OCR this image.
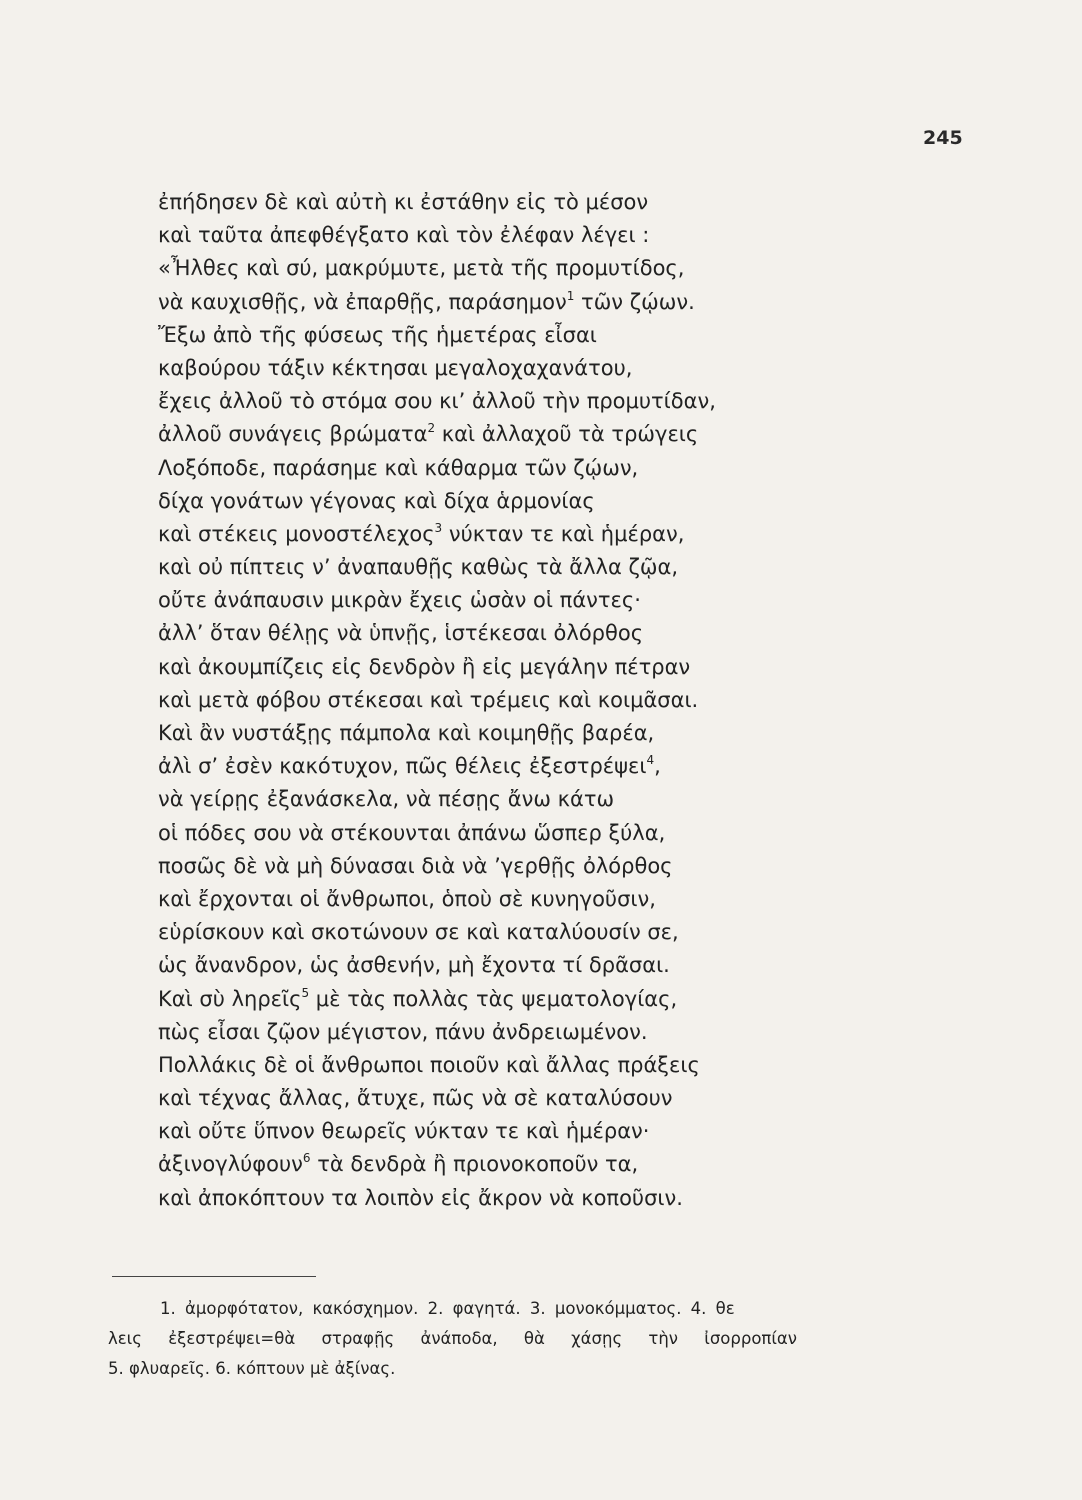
245
ἐπήδησεν δὲ καὶ αὐτὴ κι ἐστάθην εἰς τὸ μέσον
καὶ ταῦτα ἀπεφθέγξατο καὶ τὸν ἐλέφαν λέγει :
«Ἦλθες καὶ σύ, μακρύμυτε, μετὰ τῆς προμυτίδος,
νὰ καυχισθῇς, νὰ ἐπαρθῇς, παράσημον$^1$ τῶν ζῴων.
Ἔξω ἀπὸ τῆς φύσεως τῆς ἡμετέρας εἶσαι
καβούρου τάξιν κέκτησαι μεγαλοχαχανάτου,
ἔχεις ἀλλοῦ τὸ στόμα σου κι’ ἀλλοῦ τὴν προμυτίδαν,
ἀλλοῦ συνάγεις βρώματα$^2$ καὶ ἀλλαχοῦ τὰ τρώγεις
Λοξόποδε, παράσημε καὶ κάθαρμα τῶν ζῴων,
δίχα γονάτων γέγονας καὶ δίχα ἁρμονίας
καὶ στέκεις μονοστέλεχος$^3$ νύκταν τε καὶ ἡμέραν,
καὶ οὐ πίπτεις ν’ ἀναπαυθῇς καθὼς τὰ ἄλλα ζῷα,
οὔτε ἀνάπαυσιν μικρὰν ἔχεις ὡσὰν οἱ πάντες·
ἀλλ’ ὅταν θέλῃς νὰ ὑπνῇς, ἱστέκεσαι ὀλόρθος
καὶ ἀκουμπίζεις εἰς δενδρὸν ἢ εἰς μεγάλην πέτραν
καὶ μετὰ φόβου στέκεσαι καὶ τρέμεις καὶ κοιμᾶσαι.
Καὶ ἂν νυστάξῃς πάμπολα καὶ κοιμηθῇς βαρέα,
ἀλὶ σ’ ἐσὲν κακότυχον, πῶς θέλεις ἐξεστρέψει$^4$,
νὰ γείρῃς ἐξανάσκελα, νὰ πέσῃς ἄνω κάτω
οἱ πόδες σου νὰ στέκουνται ἀπάνω ὥσπερ ξύλα,
ποσῶς δὲ νὰ μὴ δύνασαι διὰ νὰ ’γερθῇς ὀλόρθος
καὶ ἔρχονται οἱ ἄνθρωποι, ὁποὺ σὲ κυνηγοῦσιν,
εὑρίσκουν καὶ σκοτώνουν σε καὶ καταλύουσίν σε,
ὡς ἄνανδρον, ὡς ἀσθενήν, μὴ ἔχοντα τί δρᾶσαι.
Καὶ σὺ ληρεῖς$^5$ μὲ τὰς πολλὰς τὰς ψεματολογίας,
πὼς εἶσαι ζῷον μέγιστον, πάνυ ἀνδρειωμένον.
Πολλάκις δὲ οἱ ἄνθρωποι ποιοῦν καὶ ἄλλας πράξεις
καὶ τέχνας ἄλλας, ἄτυχε, πῶς νὰ σὲ καταλύσουν
καὶ οὔτε ὕπνον θεωρεῖς νύκταν τε καὶ ἡμέραν·
ἀξινογλύφουν$^6$ τὰ δενδρὰ ἢ πριονοκοποῦν τα,
καὶ ἀποκόπτουν τα λοιπὸν εἰς ἄκρον νὰ κοποῦσιν.
1. ἀμορφότατον, κακόσχημον. 2. φαγητά. 3. μονοκόμματος. 4. θε
λεις ἐξεστρέψει=θὰ στραφῇς ἀνάποδα, θὰ χάσῃς τὴν ἰσορροπίαν
5. φλυαρεῖς. 6. κόπτουν μὲ ἀξίνας.
